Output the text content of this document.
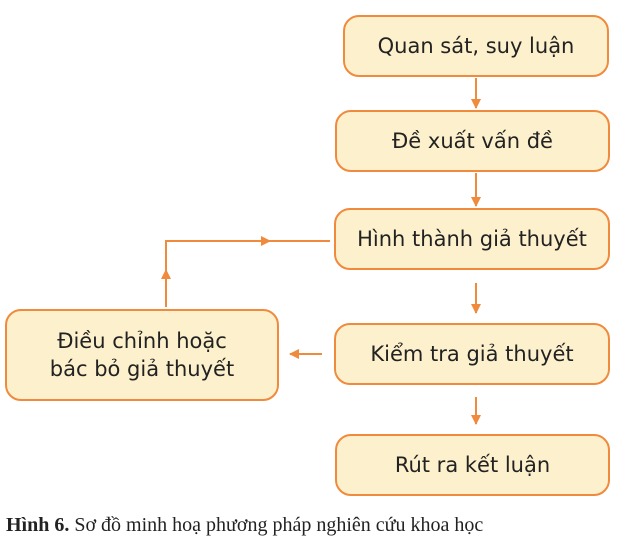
Quan sát, suy luận
Đề xuất vấn đề
Hình thành giả thuyết
Kiểm tra giả thuyết
Rút ra kết luận
Điều chỉnh hoặc
bác bỏ giả thuyết
Hình 6. Sơ đồ minh hoạ phương pháp nghiên cứu khoa học
